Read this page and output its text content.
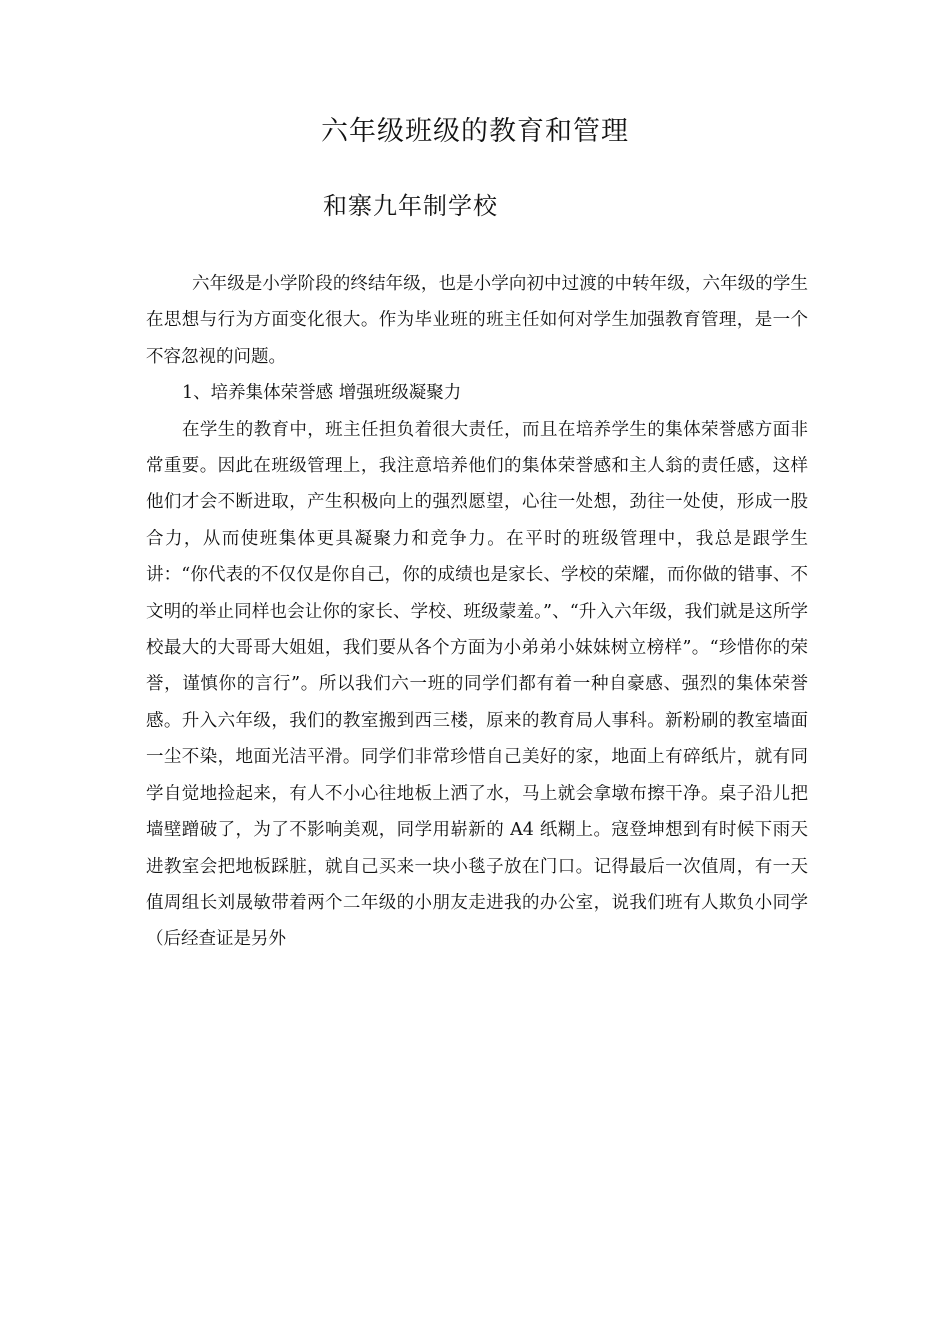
六年级班级的教育和管理
和寨九年制学校

六年级是小学阶段的终结年级，也是小学向初中过渡的中转年级，六年级的学生在思想与行为方面变化很大。作为毕业班的班主任如何对学生加强教育管理，是一个不容忽视的问题。

1、培养集体荣誉感 增强班级凝聚力

在学生的教育中，班主任担负着很大责任，而且在培养学生的集体荣誉感方面非常重要。因此在班级管理上，我注意培养他们的集体荣誉感和主人翁的责任感，这样他们才会不断进取，产生积极向上的强烈愿望，心往一处想，劲往一处使，形成一股合力，从而使班集体更具凝聚力和竞争力。在平时的班级管理中，我总是跟学生讲：“你代表的不仅仅是你自己，你的成绩也是家长、学校的荣耀，而你做的错事、不文明的举止同样也会让你的家长、学校、班级蒙羞。”、“升入六年级，我们就是这所学校最大的大哥哥大姐姐，我们要从各个方面为小弟弟小妹妹树立榜样”。“珍惜你的荣誉，谨慎你的言行”。所以我们六一班的同学们都有着一种自豪感、强烈的集体荣誉感。升入六年级，我们的教室搬到西三楼，原来的教育局人事科。新粉刷的教室墙面一尘不染，地面光洁平滑。同学们非常珍惜自己美好的家，地面上有碎纸片，就有同学自觉地捡起来，有人不小心往地板上洒了水，马上就会拿墩布擦干净。桌子沿儿把墙壁蹭破了，为了不影响美观，同学用崭新的 A4 纸糊上。寇登坤想到有时候下雨天进教室会把地板踩脏，就自己买来一块小毯子放在门口。记得最后一次值周，有一天值周组长刘晟敏带着两个二年级的小朋友走进我的办公室，说我们班有人欺负小同学（后经查证是另外
